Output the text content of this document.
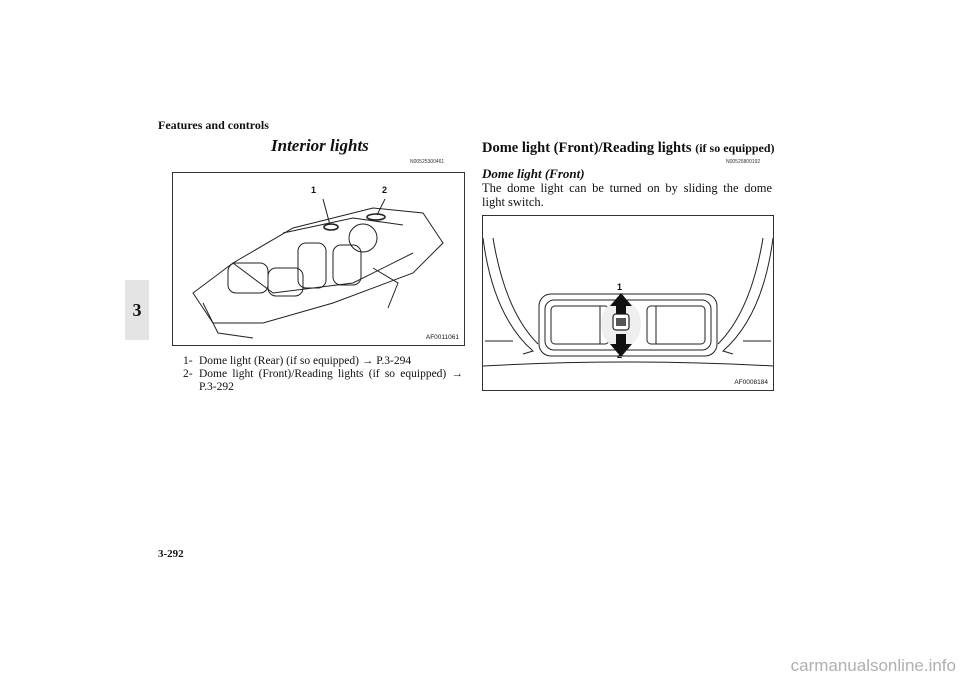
Features and controls
3
Interior lights
N00525300461
1	2
AF0011061
1- Dome light (Rear) (if so equipped) → P.3-294
2- Dome light (Front)/Reading lights (if so equipped) → P.3-292
Dome light (Front)/Reading lights (if so equipped)
N00525800192
Dome light (Front)
The dome light can be turned on by sliding the dome light switch.
1
2
AF0008184
3-292
carmanualsonline.info
